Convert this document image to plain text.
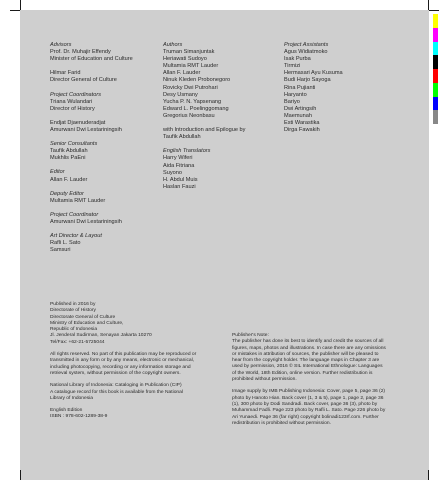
Advisors
Prof. Dr. Muhajir Effendy
Minister of Education and Culture

Hilmar Farid
Director General of Culture
Project Coordinators
Triana Wulandari
Director of History

Endjat Djaenuderadjat
Amurwani Dwi Lestariningsih
Senior Consultants
Taufik Abdullah
Mukhlis PaEni
Editor
Allan F. Lauder
Deputy Editor
Multamia RMT Lauder
Project Coordinator
Amurwani Dwi Lestariningsih
Art Director & Layout
Rafli L. Sato
Samsuri
Authors
Truman Simanjuntak
Heriawati Sudoyo
Multamia RMT Lauder
Allan F. Lauder
Ninuk Kleden Probonegoro
Rovicky Dwi Putrohari
Desy Usmany
Yucha P. N. Yapsenang
Edward L. Poelinggomang
Gregorius Neonbasu

with Introduction and Epilogue by
Taufik Abdullah
English Translators
Harry Wiferi
Aida Fitriana
Suyono
H. Abdul Muis
Haslan Fauzi
Project Assistants
Agus Widiatmoko
Isak Purba
Tirmizi
Hermasari Ayu Kusuma
Budi Harjo Sayoga
Rina Pujianti
Haryanto
Bariyo
Dwi Artingsih
Maemunah
Esti Warastika
Dirga Fawakih

Published in 2016 by
Directorate of History
Directorate General of Culture
Ministry of Education and Culture,
Republic of Indonesia
Jl. Jenderal Sudirman, Senayan Jakarta 10270
Tel/Fax: +62-21-5725044

All rights reserved. No part of this publication may be reproduced or
transmitted in any form or by any means, electronic or mechanical,
including photocopying, recording or any information storage and
retrieval system, without permission of the copyright owners.

National Library of Indonesia: Cataloging in Publication (CIP)
A catalogue record for this book is available from the National
Library of Indonesia

English Edition
ISBN : 978-602-1289-38-9

Publisher's Note:
The publisher has done its best to identify and credit the sources of all
figures, maps, photos and illustrations. In case there are any omissions
or mistakes in attribution of sources, the publisher will be pleased to
hear from the copyright holder. The language maps in Chapter 3 are
used by permission, 2016 © SIL International Ethnologue: Languages
of the World, 18th Edition, online version. Further redistribution is
prohibited without permission.

Image supply by IMB Publishing Indonesia: Cover, page 5, page 36 (2)
photo by Hanoto Hian. Back cover (1, 3 & 5), page 1, page 2, page 36
(1), 300 photo by Dodi Sandradi. Back cover, page 36 (3), photo by
Muhammad Fadli. Page 223 photo by Rafli L. Sato. Page 226 photo by
Ari Yunaedi. Page 36 (far right) copyright bolinadi123rf.com. Further
redistribution is prohibited without permission.
